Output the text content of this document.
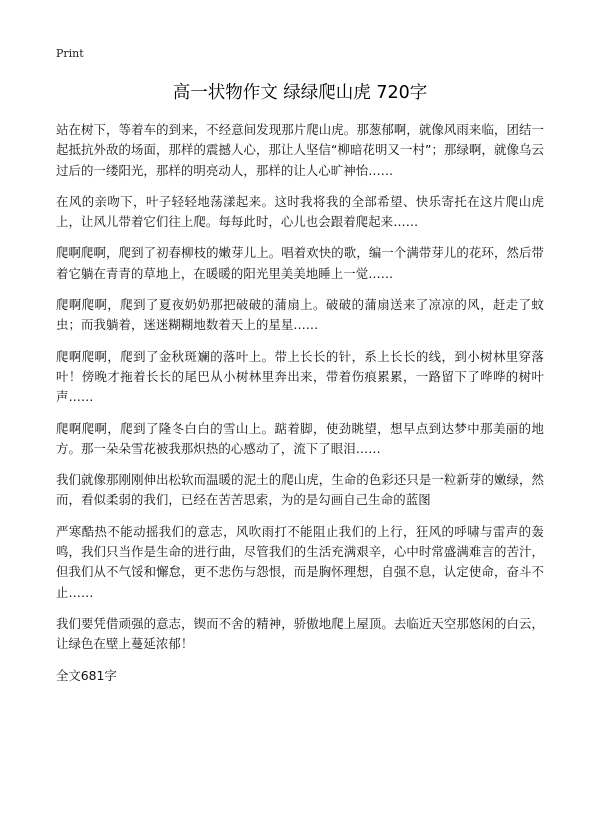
Print
高一状物作文 绿绿爬山虎 720字

站在树下，等着车的到来，不经意间发现那片爬山虎。那葱郁啊，就像风雨来临，团结一起抵抗外敌的场面，那样的震撼人心，那让人坚信“柳暗花明又一村”；那绿啊，就像乌云过后的一缕阳光，那样的明亮动人，那样的让人心旷神怡……

在风的亲吻下，叶子轻轻地荡漾起来。这时我将我的全部希望、快乐寄托在这片爬山虎上，让风儿带着它们往上爬。每每此时，心儿也会跟着爬起来……

爬啊爬啊，爬到了初春柳枝的嫩芽儿上。唱着欢快的歌，编一个满带芽儿的花环，然后带着它躺在青青的草地上，在暖暖的阳光里美美地睡上一觉……

爬啊爬啊，爬到了夏夜奶奶那把破破的蒲扇上。破破的蒲扇送来了凉凉的风，赶走了蚊虫；而我躺着，迷迷糊糊地数着天上的星星……

爬啊爬啊，爬到了金秋斑斓的落叶上。带上长长的针，系上长长的线，到小树林里穿落叶！傍晚才拖着长长的尾巴从小树林里奔出来，带着伤痕累累，一路留下了哗哗的树叶声……

爬啊爬啊，爬到了隆冬白白的雪山上。踮着脚，使劲眺望，想早点到达梦中那美丽的地方。那一朵朵雪花被我那炽热的心感动了，流下了眼泪……

我们就像那刚刚伸出松软而温暖的泥土的爬山虎，生命的色彩还只是一粒新芽的嫩绿，然而，看似柔弱的我们，已经在苦苦思索，为的是勾画自己生命的蓝图

严寒酷热不能动摇我们的意志，风吹雨打不能阻止我们的上行，狂风的呼啸与雷声的轰鸣，我们只当作是生命的进行曲，尽管我们的生活充满艰辛，心中时常盛满难言的苦汁，但我们从不气馁和懈怠，更不悲伤与怨恨，而是胸怀理想，自强不息，认定使命，奋斗不止……

我们要凭借顽强的意志，锲而不舍的精神，骄傲地爬上屋顶。去临近天空那悠闲的白云，让绿色在壁上蔓延浓郁！

全文681字
